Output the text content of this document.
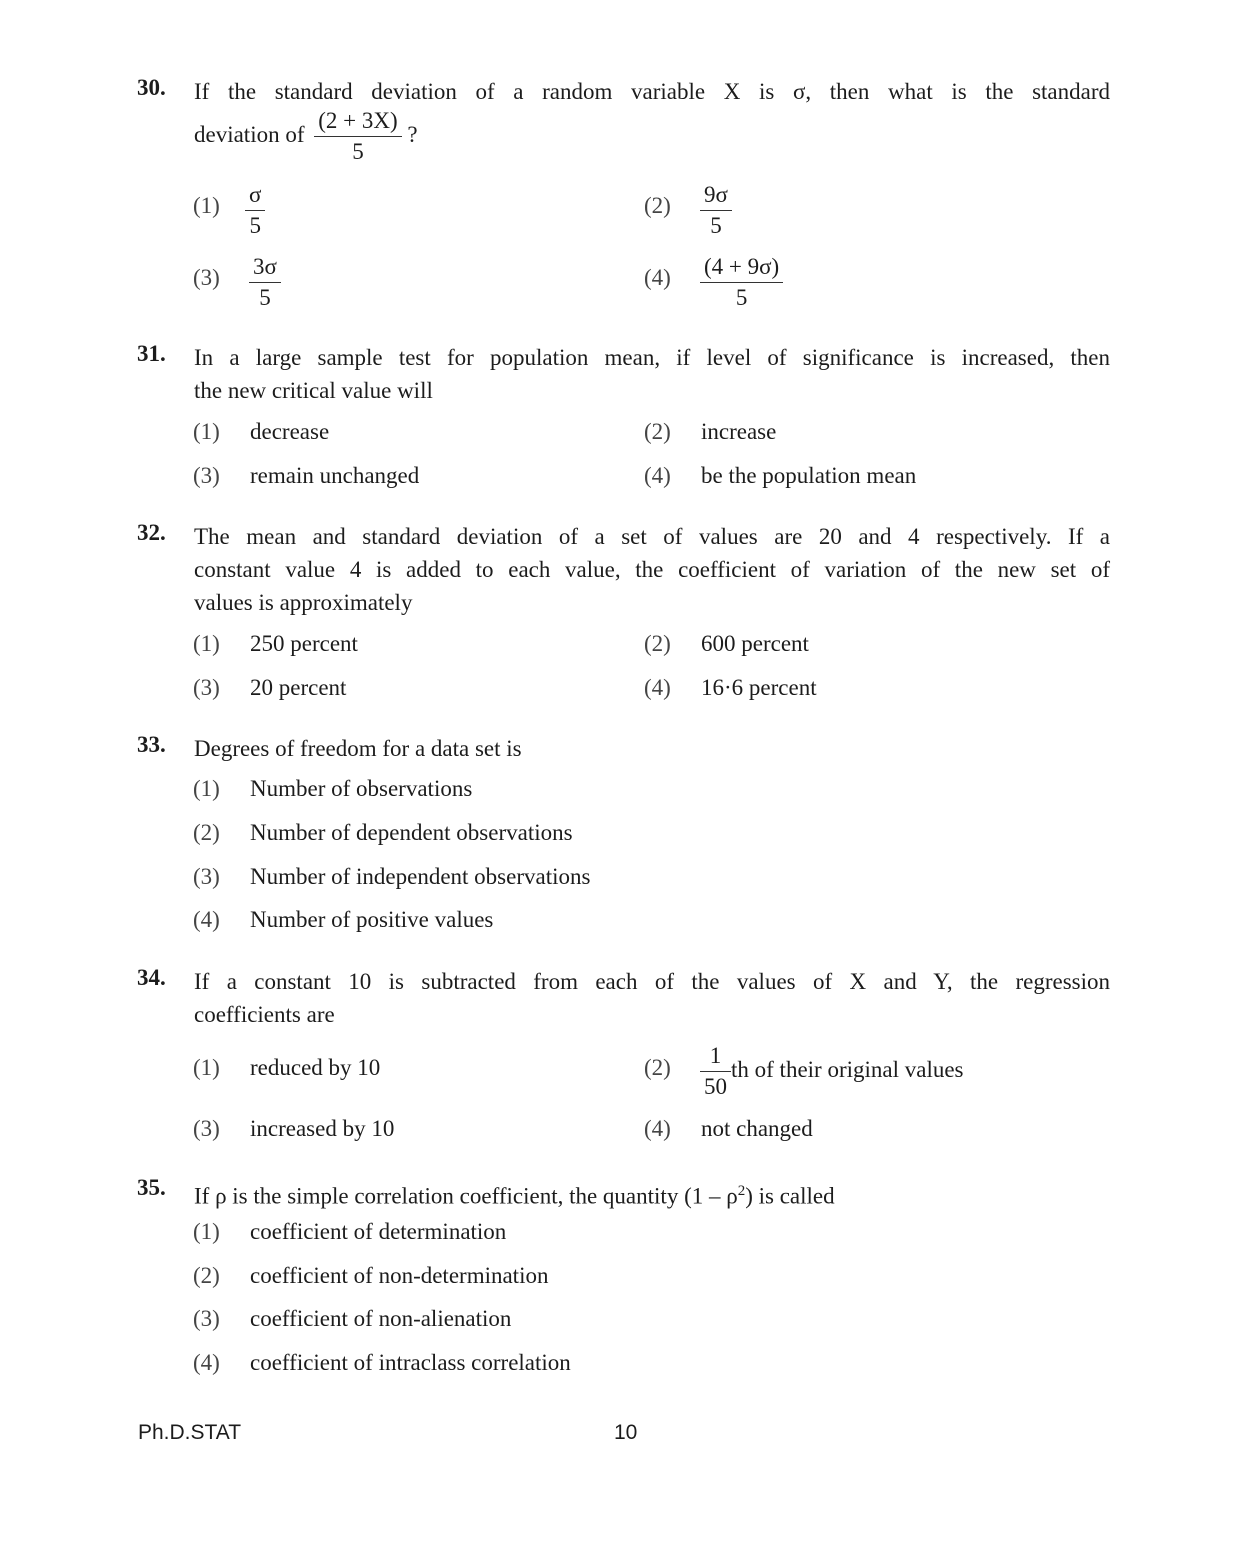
30. If the standard deviation of a random variable X is σ, then what is the standard
deviation of $\frac{(2 + 3X)}{5}$ ?
$(1) \frac{\sigma}{5}$	$(2) \frac{9\sigma}{5}$
$(3) \frac{3\sigma}{5}$	$(4) \frac{(4 + 9\sigma)}{5}$
31. In a large sample test for population mean, if level of significance is increased, then
the new critical value will
(1) decrease	(2) increase
(3) remain unchanged	(4) be the population mean
32. The mean and standard deviation of a set of values are 20 and 4 respectively. If a
constant value 4 is added to each value, the coefficient of variation of the new set of
values is approximately
(1) 250 percent	(2) 600 percent
(3) 20 percent	(4) 16·6 percent
33. Degrees of freedom for a data set is
(1) Number of observations
(2) Number of dependent observations
(3) Number of independent observations
(4) Number of positive values
34. If a constant 10 is subtracted from each of the values of X and Y, the regression
coefficients are
(1) reduced by 10	$(2) \frac{1}{50}$ th of their original values
(3) increased by 10	(4) not changed
35. If ρ is the simple correlation coefficient, the quantity $(1 - \rho^2)$ is called
(1) coefficient of determination
(2) coefficient of non-determination
(3) coefficient of non-alienation
(4) coefficient of intraclass correlation
Ph.D.STAT	10
